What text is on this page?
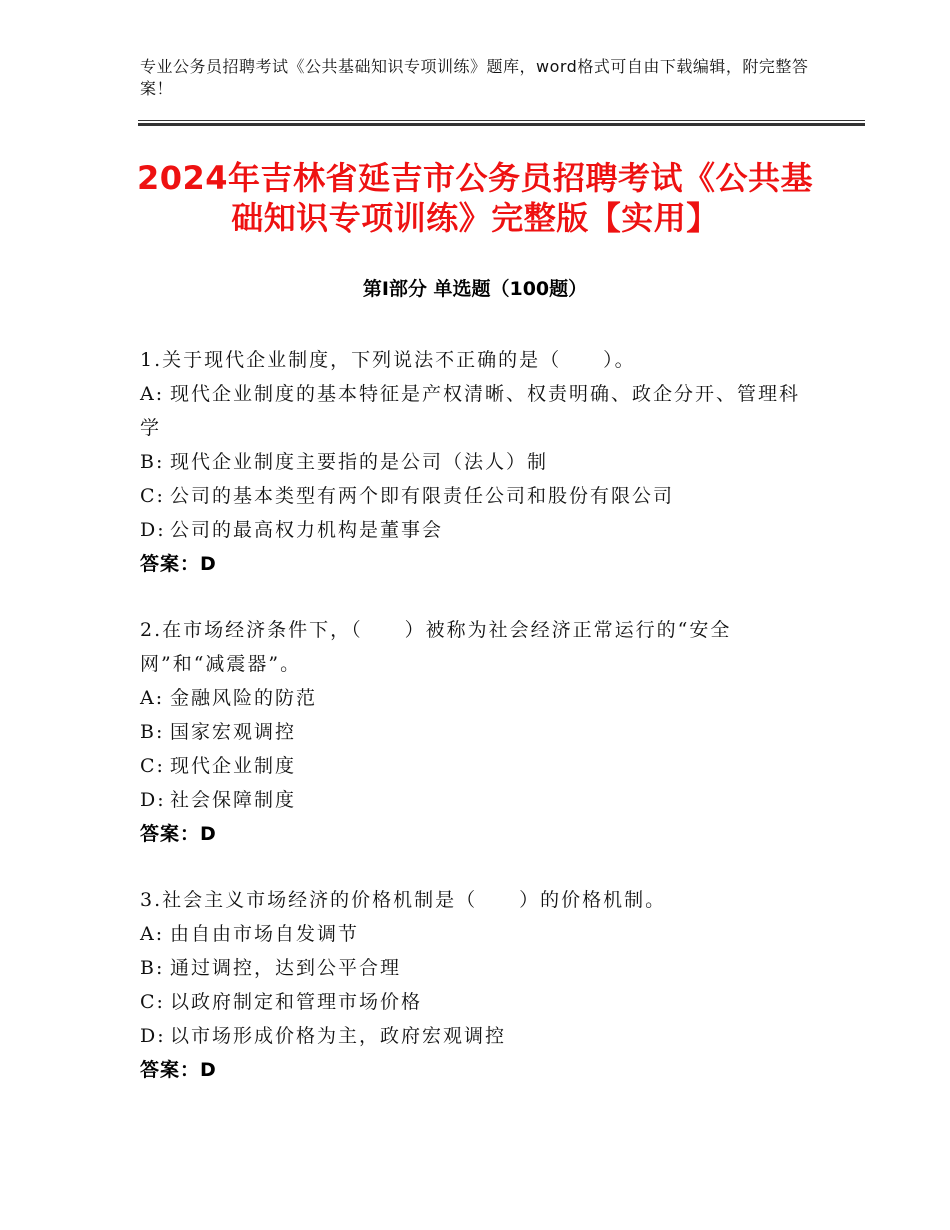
专业公务员招聘考试《公共基础知识专项训练》题库，word格式可自由下载编辑，附完整答案！
2024年吉林省延吉市公务员招聘考试《公共基础知识专项训练》完整版【实用】
第Ⅰ部分 单选题（100题）
1.关于现代企业制度，下列说法不正确的是（　　）。
A: 现代企业制度的基本特征是产权清晰、权责明确、政企分开、管理科学
B: 现代企业制度主要指的是公司（法人）制
C: 公司的基本类型有两个即有限责任公司和股份有限公司
D: 公司的最高权力机构是董事会
答案：D
2.在市场经济条件下，（　　）被称为社会经济正常运行的“安全网”和“减震器”。
A: 金融风险的防范
B: 国家宏观调控
C: 现代企业制度
D: 社会保障制度
答案：D
3.社会主义市场经济的价格机制是（　　）的价格机制。
A: 由自由市场自发调节
B: 通过调控，达到公平合理
C: 以政府制定和管理市场价格
D: 以市场形成价格为主，政府宏观调控
答案：D
